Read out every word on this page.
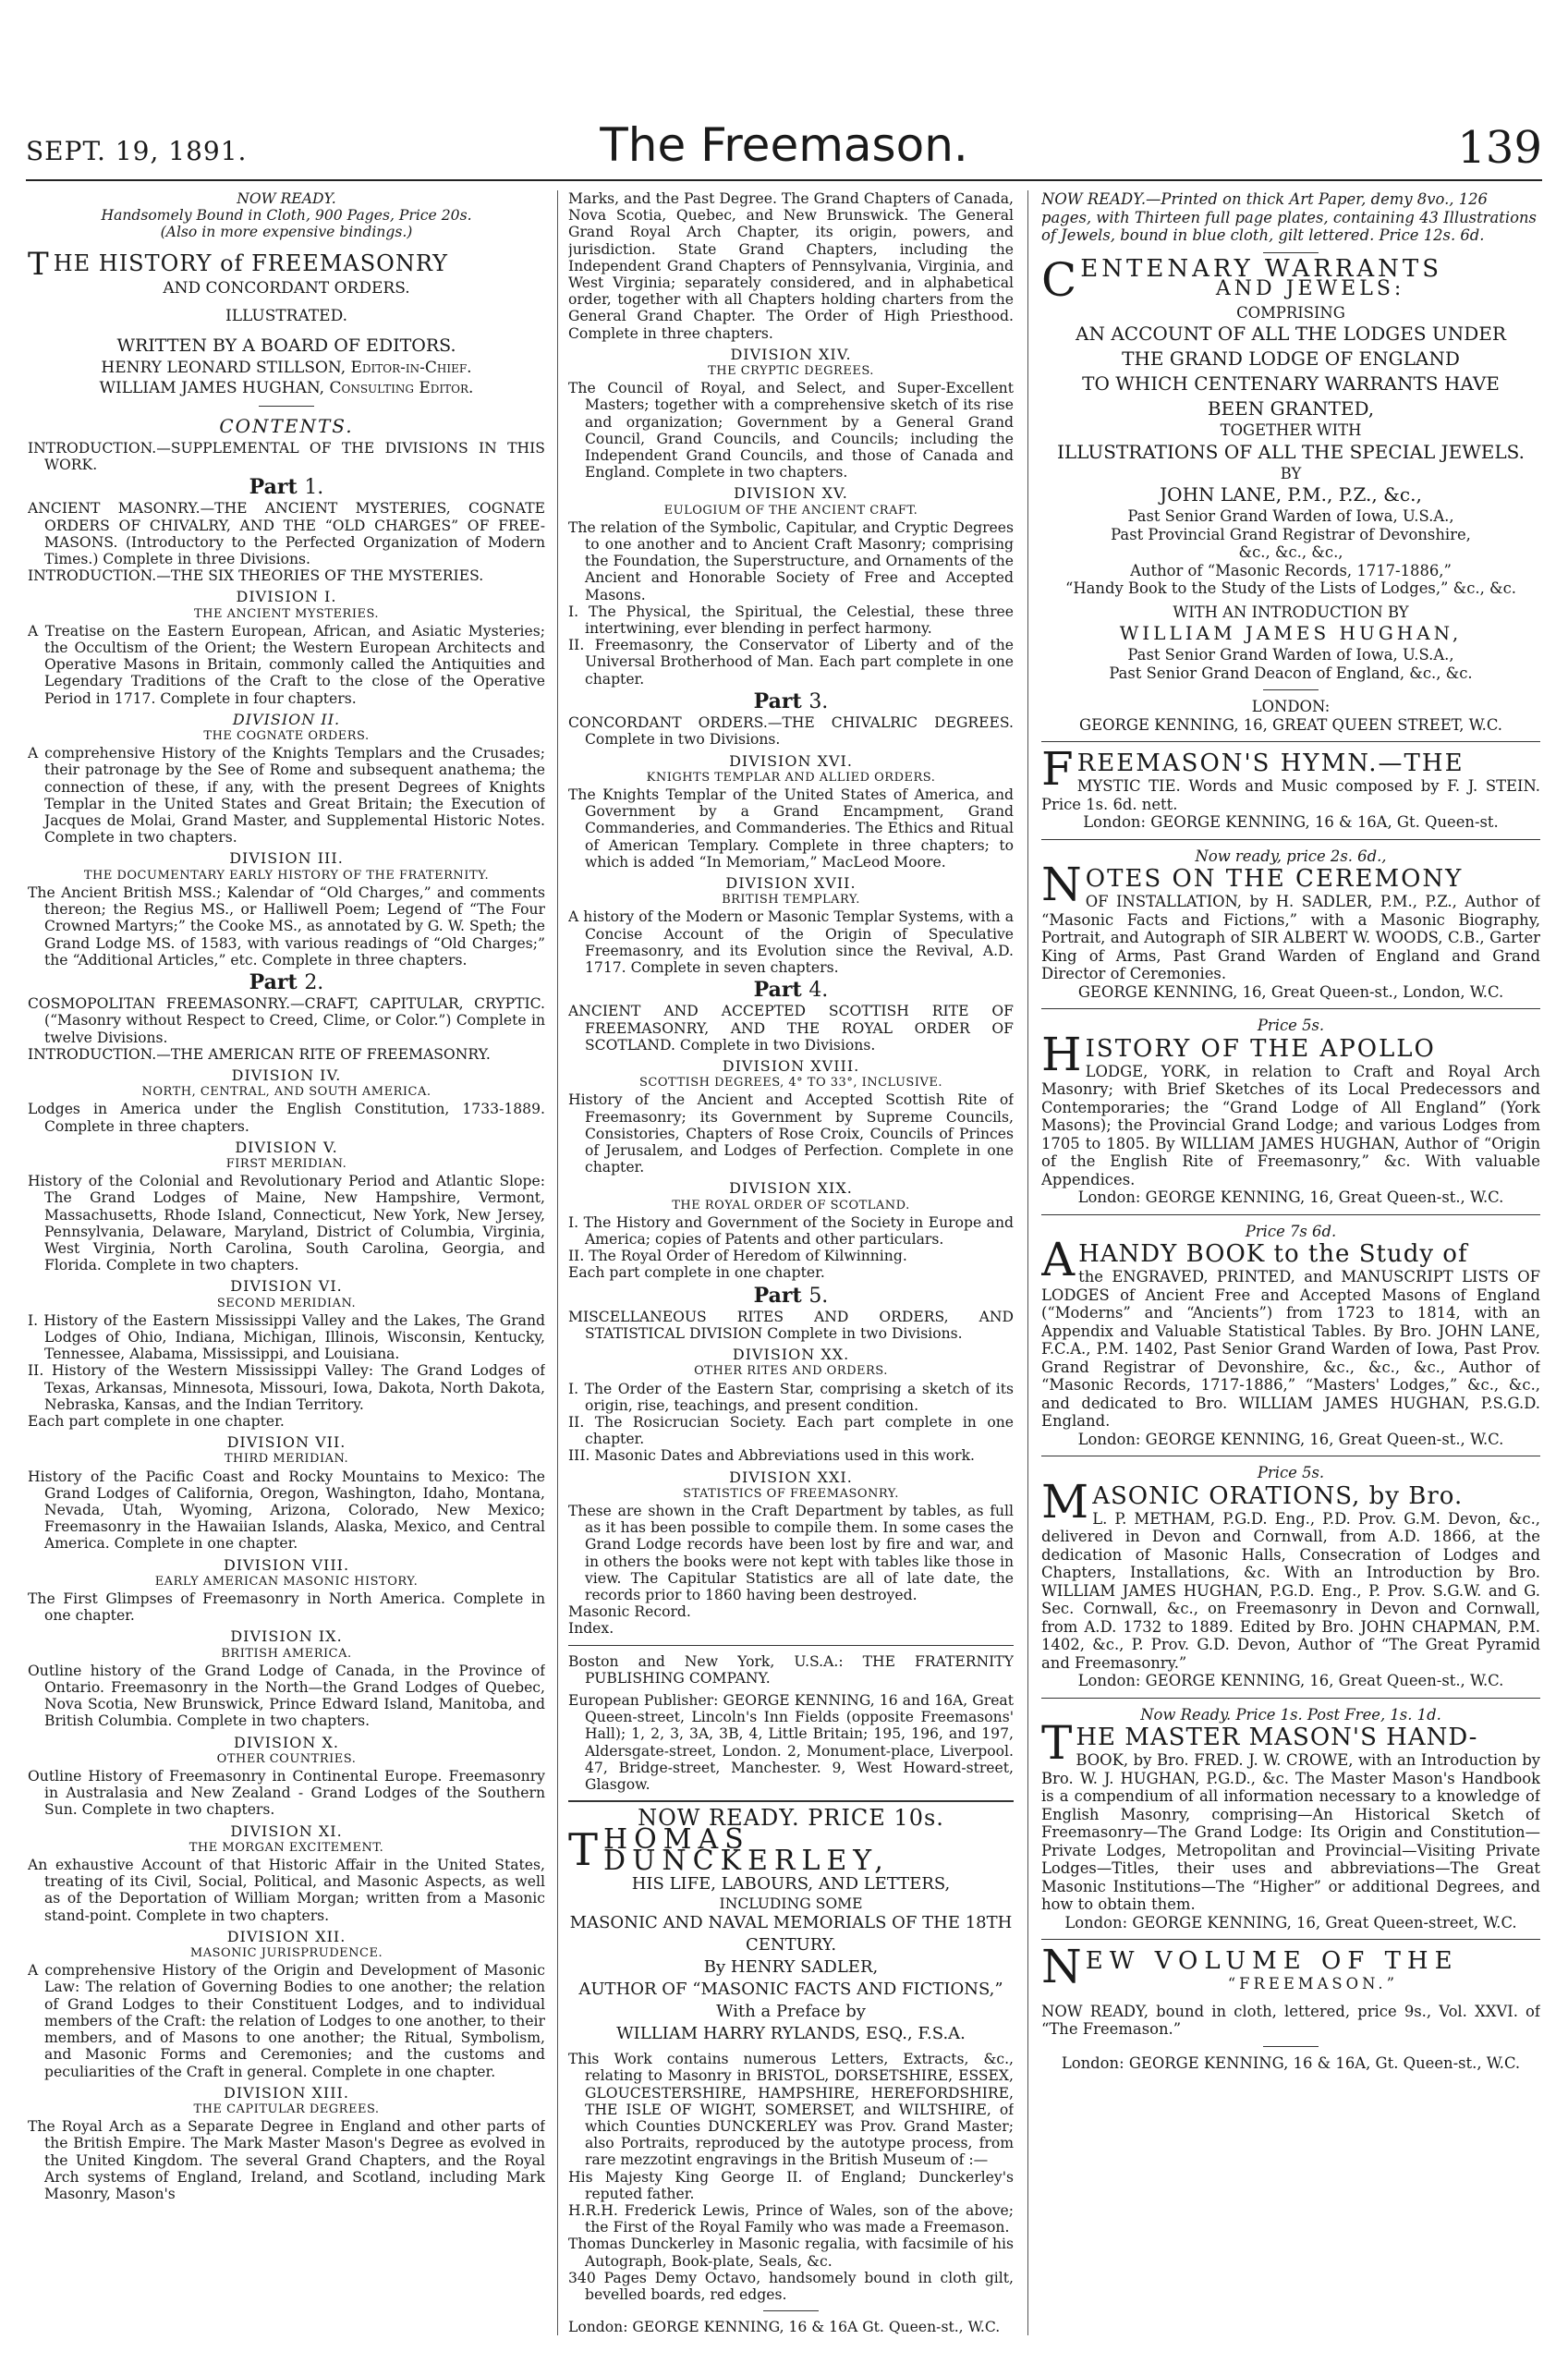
SEPT. 19, 1891.	The Freemason.	139

NOW READY.

Handsomely Bound in Cloth, 900 Pages, Price 20s.

(Also in more expensive bindings.)

T HE HISTORY of FREEMASONRY

AND CONCORDANT ORDERS.

ILLUSTRATED.

WRITTEN BY A BOARD OF EDITORS.

HENRY LEONARD STILLSON, Editor-in-Chief.

WILLIAM JAMES HUGHAN, Consulting Editor.

CONTENTS.

INTRODUCTION.—SUPPLEMENTAL OF THE DIVISIONS IN THIS WORK.

Part 1.

ANCIENT MASONRY.—THE ANCIENT MYSTERIES, COGNATE ORDERS OF CHIVALRY, AND THE “OLD CHARGES” OF FREE-MASONS. (Introductory to the Perfected Organization of Modern Times.) Complete in three Divisions.

INTRODUCTION.—THE SIX THEORIES OF THE MYSTERIES.

DIVISION I.

THE ANCIENT MYSTERIES.

A Treatise on the Eastern European, African, and Asiatic Mysteries; the Occultism of the Orient; the Western European Architects and Operative Masons in Britain, commonly called the Antiquities and Legendary Traditions of the Craft to the close of the Operative Period in 1717. Complete in four chapters.

DIVISION II.

THE COGNATE ORDERS.

A comprehensive History of the Knights Templars and the Crusades; their patronage by the See of Rome and subsequent anathema; the connection of these, if any, with the present Degrees of Knights Templar in the United States and Great Britain; the Execution of Jacques de Molai, Grand Master, and Supplemental Historic Notes. Complete in two chapters.

DIVISION III.

THE DOCUMENTARY EARLY HISTORY OF THE FRATERNITY.

The Ancient British MSS.; Kalendar of “Old Charges,” and comments thereon; the Regius MS., or Halliwell Poem; Legend of “The Four Crowned Martyrs;” the Cooke MS., as annotated by G. W. Speth; the Grand Lodge MS. of 1583, with various readings of “Old Charges;” the “Additional Articles,” etc. Complete in three chapters.

Part 2.

COSMOPOLITAN FREEMASONRY.—CRAFT, CAPITULAR, CRYPTIC. (“Masonry without Respect to Creed, Clime, or Color.”) Complete in twelve Divisions.

INTRODUCTION.—THE AMERICAN RITE OF FREEMASONRY.

DIVISION IV.

NORTH, CENTRAL, AND SOUTH AMERICA.

Lodges in America under the English Constitution, 1733-1889. Complete in three chapters.

DIVISION V.

FIRST MERIDIAN.

History of the Colonial and Revolutionary Period and Atlantic Slope: The Grand Lodges of Maine, New Hampshire, Vermont, Massachusetts, Rhode Island, Connecticut, New York, New Jersey, Pennsylvania, Delaware, Maryland, District of Columbia, Virginia, West Virginia, North Carolina, South Carolina, Georgia, and Florida. Complete in two chapters.

DIVISION VI.

SECOND MERIDIAN.

I. History of the Eastern Mississippi Valley and the Lakes, The Grand Lodges of Ohio, Indiana, Michigan, Illinois, Wisconsin, Kentucky, Tennessee, Alabama, Mississippi, and Louisiana.

II. History of the Western Mississippi Valley: The Grand Lodges of Texas, Arkansas, Minnesota, Missouri, Iowa, Dakota, North Dakota, Nebraska, Kansas, and the Indian Territory.

Each part complete in one chapter.

DIVISION VII.

THIRD MERIDIAN.

History of the Pacific Coast and Rocky Mountains to Mexico: The Grand Lodges of California, Oregon, Washington, Idaho, Montana, Nevada, Utah, Wyoming, Arizona, Colorado, New Mexico; Freemasonry in the Hawaiian Islands, Alaska, Mexico, and Central America. Complete in one chapter.

DIVISION VIII.

EARLY AMERICAN MASONIC HISTORY.

The First Glimpses of Freemasonry in North America. Complete in one chapter.

DIVISION IX.

BRITISH AMERICA.

Outline history of the Grand Lodge of Canada, in the Province of Ontario. Freemasonry in the North—the Grand Lodges of Quebec, Nova Scotia, New Brunswick, Prince Edward Island, Manitoba, and British Columbia. Complete in two chapters.

DIVISION X.

OTHER COUNTRIES.

Outline History of Freemasonry in Continental Europe. Freemasonry in Australasia and New Zealand - Grand Lodges of the Southern Sun. Complete in two chapters.

DIVISION XI.

THE MORGAN EXCITEMENT.

An exhaustive Account of that Historic Affair in the United States, treating of its Civil, Social, Political, and Masonic Aspects, as well as of the Deportation of William Morgan; written from a Masonic stand-point. Complete in two chapters.

DIVISION XII.

MASONIC JURISPRUDENCE.

A comprehensive History of the Origin and Development of Masonic Law: The relation of Governing Bodies to one another; the relation of Grand Lodges to their Constituent Lodges, and to individual members of the Craft: the relation of Lodges to one another, to their members, and of Masons to one another; the Ritual, Symbolism, and Masonic Forms and Ceremonies; and the customs and peculiarities of the Craft in general. Complete in one chapter.

DIVISION XIII.

THE CAPITULAR DEGREES.

The Royal Arch as a Separate Degree in England and other parts of the British Empire. The Mark Master Mason's Degree as evolved in the United Kingdom. The several Grand Chapters, and the Royal Arch systems of England, Ireland, and Scotland, including Mark Masonry, Mason's

Marks, and the Past Degree. The Grand Chapters of Canada, Nova Scotia, Quebec, and New Brunswick. The General Grand Royal Arch Chapter, its origin, powers, and jurisdiction. State Grand Chapters, including the Independent Grand Chapters of Pennsylvania, Virginia, and West Virginia; separately considered, and in alphabetical order, together with all Chapters holding charters from the General Grand Chapter. The Order of High Priesthood. Complete in three chapters.

DIVISION XIV.

THE CRYPTIC DEGREES.

The Council of Royal, and Select, and Super-Excellent Masters; together with a comprehensive sketch of its rise and organization; Government by a General Grand Council, Grand Councils, and Councils; including the Independent Grand Councils, and those of Canada and England. Complete in two chapters.

DIVISION XV.

EULOGIUM OF THE ANCIENT CRAFT.

The relation of the Symbolic, Capitular, and Cryptic Degrees to one another and to Ancient Craft Masonry; comprising the Foundation, the Superstructure, and Ornaments of the Ancient and Honorable Society of Free and Accepted Masons.

I. The Physical, the Spiritual, the Celestial, these three intertwining, ever blending in perfect harmony.

II. Freemasonry, the Conservator of Liberty and of the Universal Brotherhood of Man. Each part complete in one chapter.

Part 3.

CONCORDANT ORDERS.—THE CHIVALRIC DEGREES. Complete in two Divisions.

DIVISION XVI.

KNIGHTS TEMPLAR AND ALLIED ORDERS.

The Knights Templar of the United States of America, and Government by a Grand Encampment, Grand Commanderies, and Commanderies. The Ethics and Ritual of American Templary. Complete in three chapters; to which is added “In Memoriam,” MacLeod Moore.

DIVISION XVII.

BRITISH TEMPLARY.

A history of the Modern or Masonic Templar Systems, with a Concise Account of the Origin of Speculative Freemasonry, and its Evolution since the Revival, A.D. 1717. Complete in seven chapters.

Part 4.

ANCIENT AND ACCEPTED SCOTTISH RITE OF FREEMASONRY, AND THE ROYAL ORDER OF SCOTLAND. Complete in two Divisions.

DIVISION XVIII.

SCOTTISH DEGREES, 4° TO 33°, INCLUSIVE.

History of the Ancient and Accepted Scottish Rite of Freemasonry; its Government by Supreme Councils, Consistories, Chapters of Rose Croix, Councils of Princes of Jerusalem, and Lodges of Perfection. Complete in one chapter.

DIVISION XIX.

THE ROYAL ORDER OF SCOTLAND.

I. The History and Government of the Society in Europe and America; copies of Patents and other particulars.

II. The Royal Order of Heredom of Kilwinning.

Each part complete in one chapter.

Part 5.

MISCELLANEOUS RITES AND ORDERS, AND STATISTICAL DIVISION Complete in two Divisions.

DIVISION XX.

OTHER RITES AND ORDERS.

I. The Order of the Eastern Star, comprising a sketch of its origin, rise, teachings, and present condition.

II. The Rosicrucian Society. Each part complete in one chapter.

III. Masonic Dates and Abbreviations used in this work.

DIVISION XXI.

STATISTICS OF FREEMASONRY.

These are shown in the Craft Department by tables, as full as it has been possible to compile them. In some cases the Grand Lodge records have been lost by fire and war, and in others the books were not kept with tables like those in view. The Capitular Statistics are all of late date, the records prior to 1860 having been destroyed.

Masonic Record.

Index.

Boston and New York, U.S.A.: THE FRATERNITY PUBLISHING COMPANY.

European Publisher: GEORGE KENNING, 16 and 16A, Great Queen-street, Lincoln's Inn Fields (opposite Freemasons' Hall); 1, 2, 3, 3A, 3B, 4, Little Britain; 195, 196, and 197, Aldersgate-street, London. 2, Monument-place, Liverpool. 47, Bridge-street, Manchester. 9, West Howard-street, Glasgow.

NOW READY. PRICE 10s.

THOMAS DUNCKERLEY,

HIS LIFE, LABOURS, AND LETTERS,

INCLUDING SOME

MASONIC AND NAVAL MEMORIALS OF THE 18TH CENTURY.

By HENRY SADLER,

AUTHOR OF “MASONIC FACTS AND FICTIONS,”

With a Preface by

WILLIAM HARRY RYLANDS, ESQ., F.S.A.

This Work contains numerous Letters, Extracts, &c., relating to Masonry in BRISTOL, DORSETSHIRE, ESSEX, GLOUCESTERSHIRE, HAMPSHIRE, HEREFORDSHIRE, THE ISLE OF WIGHT, SOMERSET, and WILTSHIRE, of which Counties DUNCKERLEY was Prov. Grand Master; also Portraits, reproduced by the autotype process, from rare mezzotint engravings in the British Museum of :—

His Majesty King George II. of England; Dunckerley's reputed father.

H.R.H. Frederick Lewis, Prince of Wales, son of the above; the First of the Royal Family who was made a Freemason.

Thomas Dunckerley in Masonic regalia, with facsimile of his Autograph, Book-plate, Seals, &c.

340 Pages Demy Octavo, handsomely bound in cloth gilt, bevelled boards, red edges.

London: GEORGE KENNING, 16 & 16A Gt. Queen-st., W.C.

NOW READY.—Printed on thick Art Paper, demy 8vo., 126 pages, with Thirteen full page plates, containing 43 Illustrations of Jewels, bound in blue cloth, gilt lettered. Price 12s. 6d.

CENTENARY WARRANTS

AND JEWELS:

COMPRISING

AN ACCOUNT OF ALL THE LODGES UNDER

THE GRAND LODGE OF ENGLAND

TO WHICH CENTENARY WARRANTS HAVE

BEEN GRANTED,

TOGETHER WITH

ILLUSTRATIONS OF ALL THE SPECIAL JEWELS.

BY

JOHN LANE, P.M., P.Z., &c.,

Past Senior Grand Warden of Iowa, U.S.A.,

Past Provincial Grand Registrar of Devonshire,

&c., &c., &c.,

Author of “Masonic Records, 1717-1886,”

“Handy Book to the Study of the Lists of Lodges,” &c., &c.

WITH AN INTRODUCTION BY

WILLIAM JAMES HUGHAN,

Past Senior Grand Warden of Iowa, U.S.A.,

Past Senior Grand Deacon of England, &c., &c.

LONDON:

GEORGE KENNING, 16, GREAT QUEEN STREET, W.C.

FREEMASON'S HYMN.—THE

MYSTIC TIE. Words and Music composed by F. J. STEIN. Price 1s. 6d. nett.

London: GEORGE KENNING, 16 & 16A, Gt. Queen-st.

Now ready, price 2s. 6d.,

NOTES ON THE CEREMONY

OF INSTALLATION, by H. SADLER, P.M., P.Z., Author of “Masonic Facts and Fictions,” with a Masonic Biography, Portrait, and Autograph of SIR ALBERT W. WOODS, C.B., Garter King of Arms, Past Grand Warden of England and Grand Director of Ceremonies.

GEORGE KENNING, 16, Great Queen-st., London, W.C.

Price 5s.

HISTORY OF THE APOLLO

LODGE, YORK, in relation to Craft and Royal Arch Masonry; with Brief Sketches of its Local Predecessors and Contemporaries; the “Grand Lodge of All England” (York Masons); the Provincial Grand Lodge; and various Lodges from 1705 to 1805. By WILLIAM JAMES HUGHAN, Author of “Origin of the English Rite of Freemasonry,” &c. With valuable Appendices.

London: GEORGE KENNING, 16, Great Queen-st., W.C.

Price 7s 6d.

AHANDY BOOK to the Study of

the ENGRAVED, PRINTED, and MANUSCRIPT LISTS OF LODGES of Ancient Free and Accepted Masons of England (“Moderns” and “Ancients”) from 1723 to 1814, with an Appendix and Valuable Statistical Tables. By Bro. JOHN LANE, F.C.A., P.M. 1402, Past Senior Grand Warden of Iowa, Past Prov. Grand Registrar of Devonshire, &c., &c., &c., Author of “Masonic Records, 1717-1886,” “Masters' Lodges,” &c., &c., and dedicated to Bro. WILLIAM JAMES HUGHAN, P.S.G.D. England.

London: GEORGE KENNING, 16, Great Queen-st., W.C.

Price 5s.

MASONIC ORATIONS, by Bro.

L. P. METHAM, P.G.D. Eng., P.D. Prov. G.M. Devon, &c., delivered in Devon and Cornwall, from A.D. 1866, at the dedication of Masonic Halls, Consecration of Lodges and Chapters, Installations, &c. With an Introduction by Bro. WILLIAM JAMES HUGHAN, P.G.D. Eng., P. Prov. S.G.W. and G. Sec. Cornwall, &c., on Freemasonry in Devon and Cornwall, from A.D. 1732 to 1889. Edited by Bro. JOHN CHAPMAN, P.M. 1402, &c., P. Prov. G.D. Devon, Author of “The Great Pyramid and Freemasonry.”

London: GEORGE KENNING, 16, Great Queen-st., W.C.

Now Ready. Price 1s. Post Free, 1s. 1d.

THE MASTER MASON'S HAND-

BOOK, by Bro. FRED. J. W. CROWE, with an Introduction by Bro. W. J. HUGHAN, P.G.D., &c. The Master Mason's Handbook is a compendium of all information necessary to a knowledge of English Masonry, comprising—An Historical Sketch of Freemasonry—The Grand Lodge: Its Origin and Constitution—Private Lodges, Metropolitan and Provincial—Visiting Private Lodges—Titles, their uses and abbreviations—The Great Masonic Institutions—The “Higher” or additional Degrees, and how to obtain them.

London: GEORGE KENNING, 16, Great Queen-street, W.C.

NEW VOLUME OF THE

“FREEMASON.”

NOW READY, bound in cloth, lettered, price 9s., Vol. XXVI. of “The Freemason.”

London: GEORGE KENNING, 16 & 16A, Gt. Queen-st., W.C.
